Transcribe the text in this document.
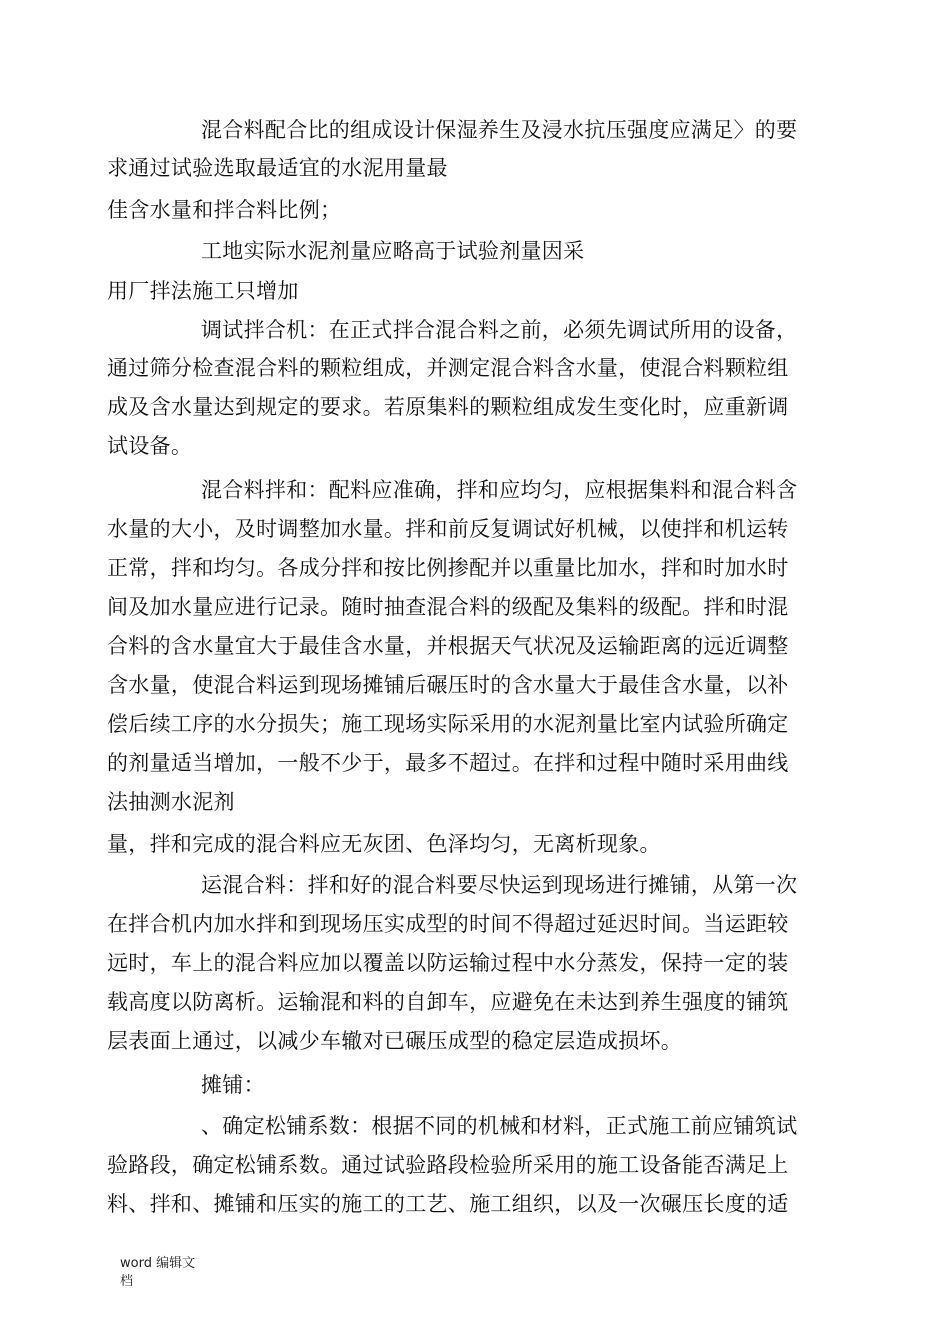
混合料配合比的组成设计保湿养生及浸水抗压强度应满足〉的要
求通过试验选取最适宜的水泥用量最
佳含水量和拌合料比例；
工地实际水泥剂量应略高于试验剂量因采
用厂拌法施工只增加
调试拌合机：在正式拌合混合料之前，必须先调试所用的设备，
通过筛分检查混合料的颗粒组成，并测定混合料含水量，使混合料颗粒组
成及含水量达到规定的要求。若原集料的颗粒组成发生变化时，应重新调
试设备。
混合料拌和：配料应准确，拌和应均匀，应根据集料和混合料含
水量的大小，及时调整加水量。拌和前反复调试好机械，以使拌和机运转
正常，拌和均匀。各成分拌和按比例掺配并以重量比加水，拌和时加水时
间及加水量应进行记录。随时抽查混合料的级配及集料的级配。拌和时混
合料的含水量宜大于最佳含水量，并根据天气状况及运输距离的远近调整
含水量，使混合料运到现场摊铺后碾压时的含水量大于最佳含水量，以补
偿后续工序的水分损失；施工现场实际采用的水泥剂量比室内试验所确定
的剂量适当增加，一般不少于，最多不超过。在拌和过程中随时采用曲线
法抽测水泥剂
量，拌和完成的混合料应无灰团、色泽均匀，无离析现象。
运混合料：拌和好的混合料要尽快运到现场进行摊铺，从第一次
在拌合机内加水拌和到现场压实成型的时间不得超过延迟时间。当运距较
远时，车上的混合料应加以覆盖以防运输过程中水分蒸发，保持一定的装
载高度以防离析。运输混和料的自卸车，应避免在未达到养生强度的铺筑
层表面上通过，以减少车辙对已碾压成型的稳定层造成损坏。
摊铺：
、确定松铺系数：根据不同的机械和材料，正式施工前应铺筑试
验路段，确定松铺系数。通过试验路段检验所采用的施工设备能否满足上
料、拌和、摊铺和压实的施工的工艺、施工组织，以及一次碾压长度的适
word 编辑文
档
